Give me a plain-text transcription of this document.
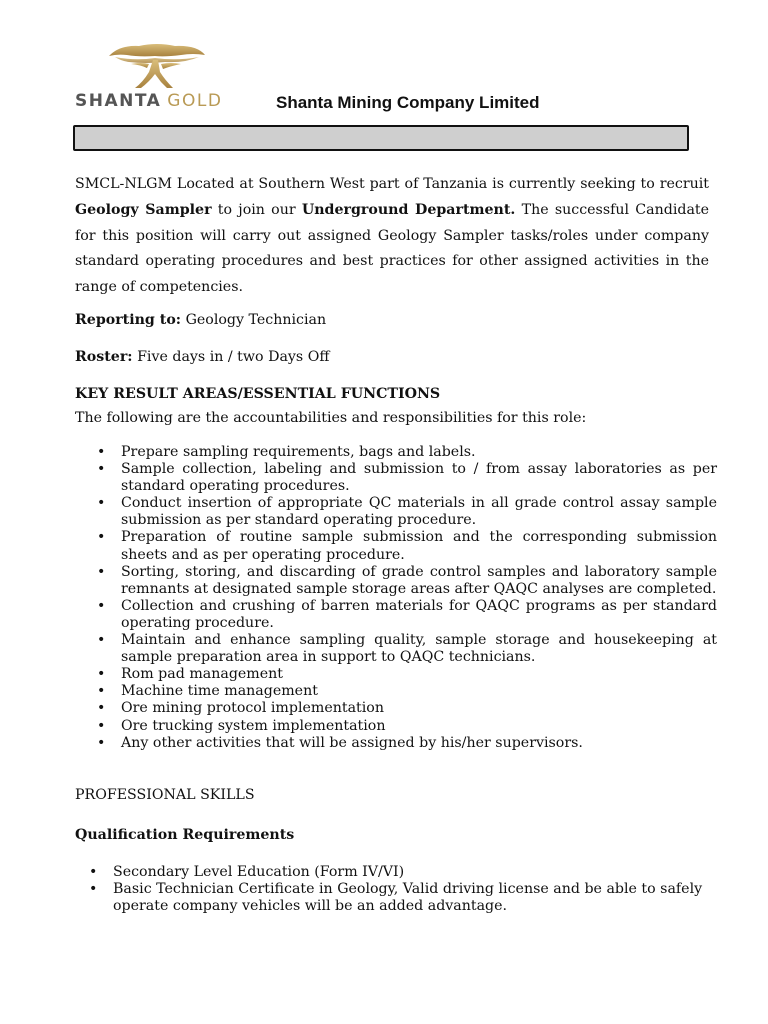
SHANTA GOLD	Shanta Mining Company Limited

SMCL-NLGM Located at Southern West part of Tanzania is currently seeking to recruit Geology Sampler to join our Underground Department. The successful Candidate for this position will carry out assigned Geology Sampler tasks/roles under company standard operating procedures and best practices for other assigned activities in the range of competencies.

Reporting to: Geology Technician

Roster: Five days in / two Days Off

KEY RESULT AREAS/ESSENTIAL FUNCTIONS

The following are the accountabilities and responsibilities for this role:

• Prepare sampling requirements, bags and labels.
• Sample collection, labeling and submission to / from assay laboratories as per standard operating procedures.
• Conduct insertion of appropriate QC materials in all grade control assay sample submission as per standard operating procedure.
• Preparation of routine sample submission and the corresponding submission sheets and as per operating procedure.
• Sorting, storing, and discarding of grade control samples and laboratory sample remnants at designated sample storage areas after QAQC analyses are completed.
• Collection and crushing of barren materials for QAQC programs as per standard operating procedure.
• Maintain and enhance sampling quality, sample storage and housekeeping at sample preparation area in support to QAQC technicians.
• Rom pad management
• Machine time management
• Ore mining protocol implementation
• Ore trucking system implementation
• Any other activities that will be assigned by his/her supervisors.

PROFESSIONAL SKILLS

Qualification Requirements

• Secondary Level Education (Form IV/VI)
• Basic Technician Certificate in Geology, Valid driving license and be able to safely operate company vehicles will be an added advantage.
